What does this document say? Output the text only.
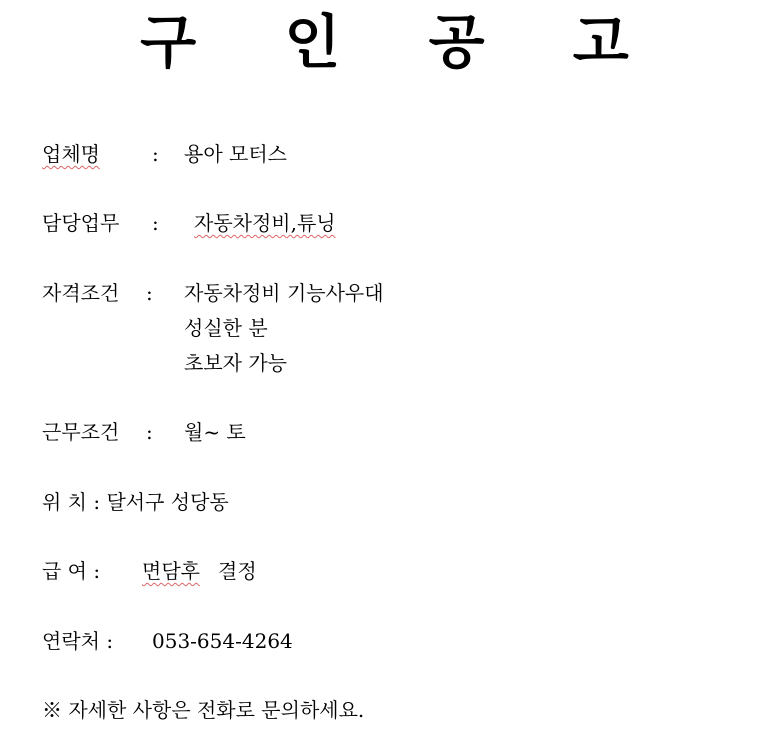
구 인 공 고
업체명	: 용아 모터스
담당업무 : 자동차정비,튜닝
자격조건 : 자동차정비 기능사우대
성실한 분
초보자 가능
근무조건 : 월~ 토
위 치 : 달서구 성당동
급 여 : 면담후 결정
연락처 : 053-654-4264
※ 자세한 사항은 전화로 문의하세요.
